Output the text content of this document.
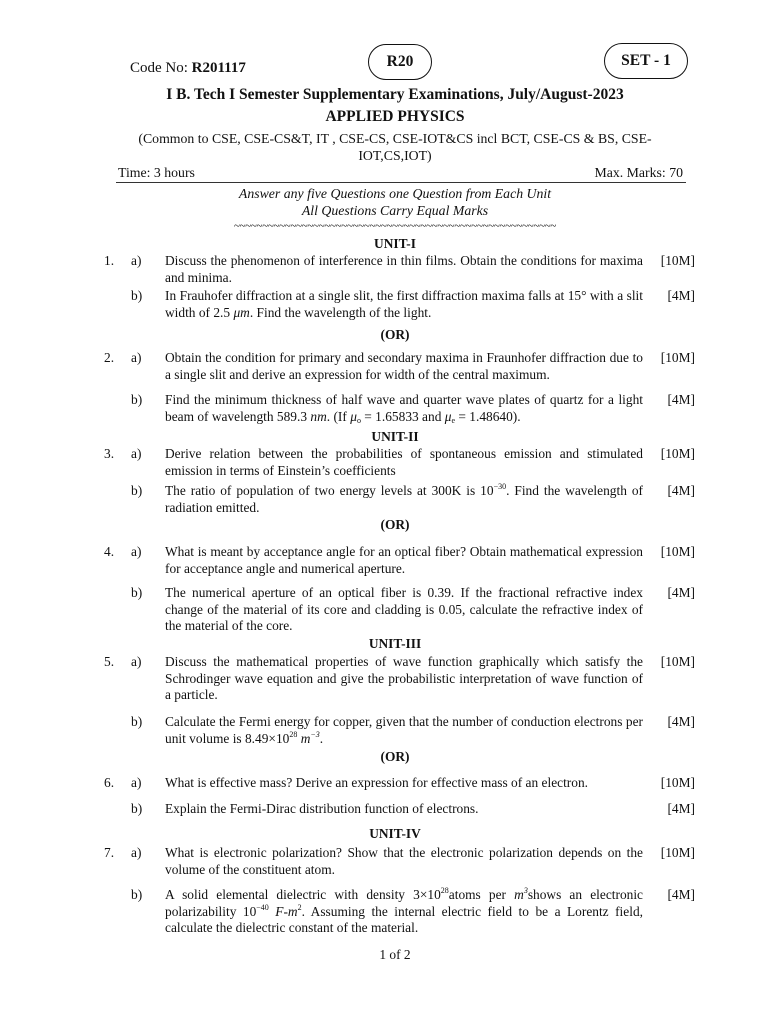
Code No: R201117	R20	SET - 1
I B. Tech I Semester Supplementary Examinations, July/August-2023
APPLIED PHYSICS
(Common to CSE, CSE-CS&T, IT , CSE-CS, CSE-IOT&CS incl BCT, CSE-CS & BS, CSE-
IOT,CS,IOT)
Time: 3 hours	Max. Marks: 70
Answer any five Questions one Question from Each Unit
All Questions Carry Equal Marks
~~~~~~~~~~~~~~~~~~~~~~~~~~~~~~~~~~~~~~~~~~~~~~~~~~~~~~~~~
UNIT-I
1.	a)	Discuss the phenomenon of interference in thin films. Obtain the conditions for maxima and minima.
[10M]
b)	In Frauhofer diffraction at a single slit, the first diffraction maxima falls at 15° with a slit width of 2.5 μm. Find the wavelength of the light.
[4M]
(OR)
2.	a)	Obtain the condition for primary and secondary maxima in Fraunhofer diffraction due to a single slit and derive an expression for width of the central maximum.
[10M]
b)	Find the minimum thickness of half wave and quarter wave plates of quartz for a light beam of wavelength 589.3 nm. (If $\mu_o = 1.65833$ and $\mu_e = 1.48640$).
[4M]
UNIT-II
3.	a)	Derive relation between the probabilities of spontaneous emission and stimulated emission in terms of Einstein’s coefficients
[10M]
b)	The ratio of population of two energy levels at 300K is $10^{-30}$. Find the wavelength of radiation emitted.
[4M]
(OR)
4.	a)	What is meant by acceptance angle for an optical fiber? Obtain mathematical expression for acceptance angle and numerical aperture.
[10M]
b)	The numerical aperture of an optical fiber is 0.39. If the fractional refractive index change of the material of its core and cladding is 0.05, calculate the refractive index of the material of the core.
[4M]
UNIT-III
5.	a)	Discuss the mathematical properties of wave function graphically which satisfy the Schrodinger wave equation and give the probabilistic interpretation of wave function of a particle.
[10M]
b)	Calculate the Fermi energy for copper, given that the number of conduction electrons per unit volume is $8.49\times 10^{28}$ $m^{-3}$.
[4M]
(OR)
6.	a)	What is effective mass? Derive an expression for effective mass of an electron.	[10M]
b)	Explain the Fermi-Dirac distribution function of electrons.	[4M]
UNIT-IV
7.	a)	What is electronic polarization? Show that the electronic polarization depends on the volume of the constituent atom.
[10M]
b)	A solid elemental dielectric with density $3\times 10^{28}atoms$ per $m^3shows$ an electronic polarizability $10^{-40}$ $F-m^2$. Assuming the internal electric field to be a Lorentz field, calculate the dielectric constant of the material.
[4M]
1 of 2
